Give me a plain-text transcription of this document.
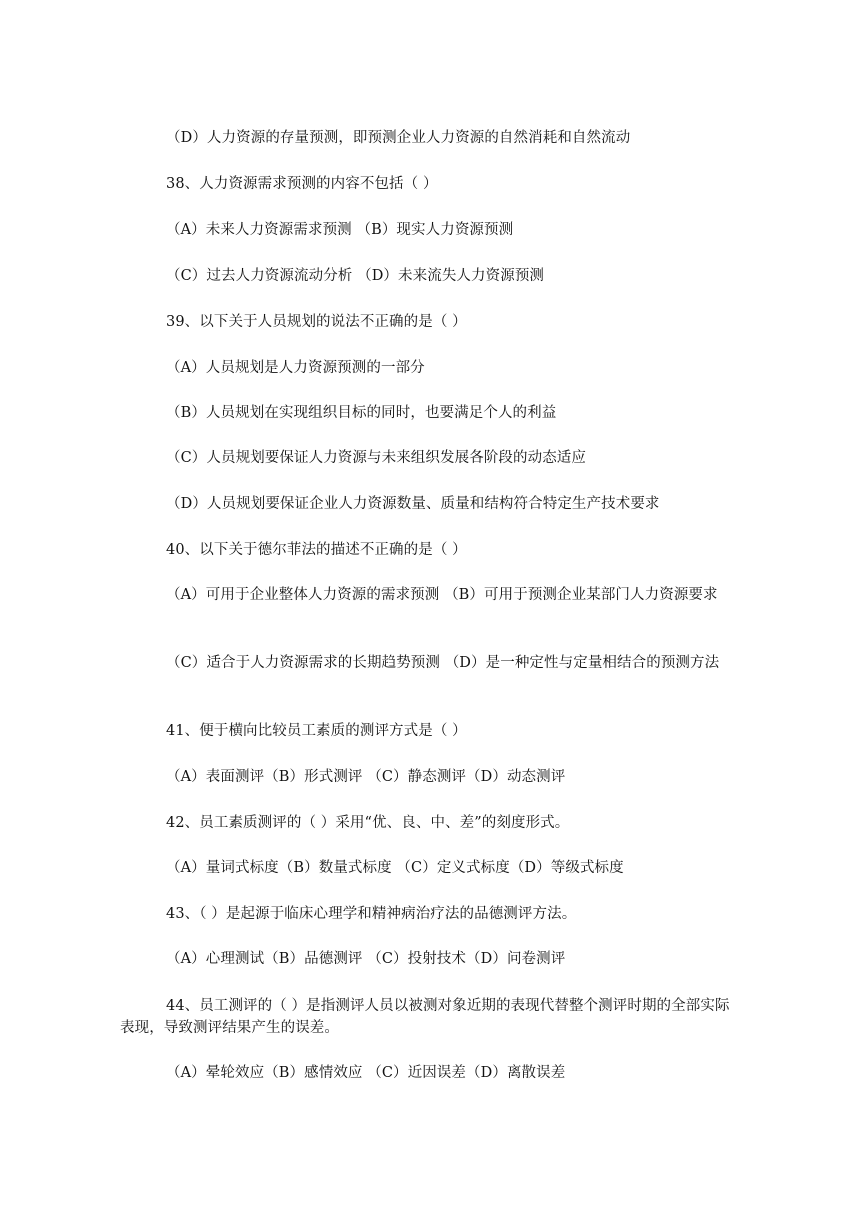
（D）人力资源的存量预测，即预测企业人力资源的自然消耗和自然流动
38、人力资源需求预测的内容不包括（ ）
（A）未来人力资源需求预测 （B）现实人力资源预测
（C）过去人力资源流动分析 （D）未来流失人力资源预测
39、以下关于人员规划的说法不正确的是（ ）
（A）人员规划是人力资源预测的一部分
（B）人员规划在实现组织目标的同时，也要满足个人的利益
（C）人员规划要保证人力资源与未来组织发展各阶段的动态适应
（D）人员规划要保证企业人力资源数量、质量和结构符合特定生产技术要求
40、以下关于德尔菲法的描述不正确的是（ ）
（A）可用于企业整体人力资源的需求预测 （B）可用于预测企业某部门人力资源要求
（C）适合于人力资源需求的长期趋势预测 （D）是一种定性与定量相结合的预测方法
41、便于横向比较员工素质的测评方式是（ ）
（A）表面测评（B）形式测评 （C）静态测评（D）动态测评
42、员工素质测评的（ ）采用“优、良、中、差”的刻度形式。
（A）量词式标度（B）数量式标度 （C）定义式标度（D）等级式标度
43、（ ）是起源于临床心理学和精神病治疗法的品德测评方法。
（A）心理测试（B）品德测评 （C）投射技术（D）问卷测评
44、员工测评的（ ）是指测评人员以被测对象近期的表现代替整个测评时期的全部实际表现，导致测评结果产生的误差。
（A）晕轮效应（B）感情效应 （C）近因误差（D）离散误差
